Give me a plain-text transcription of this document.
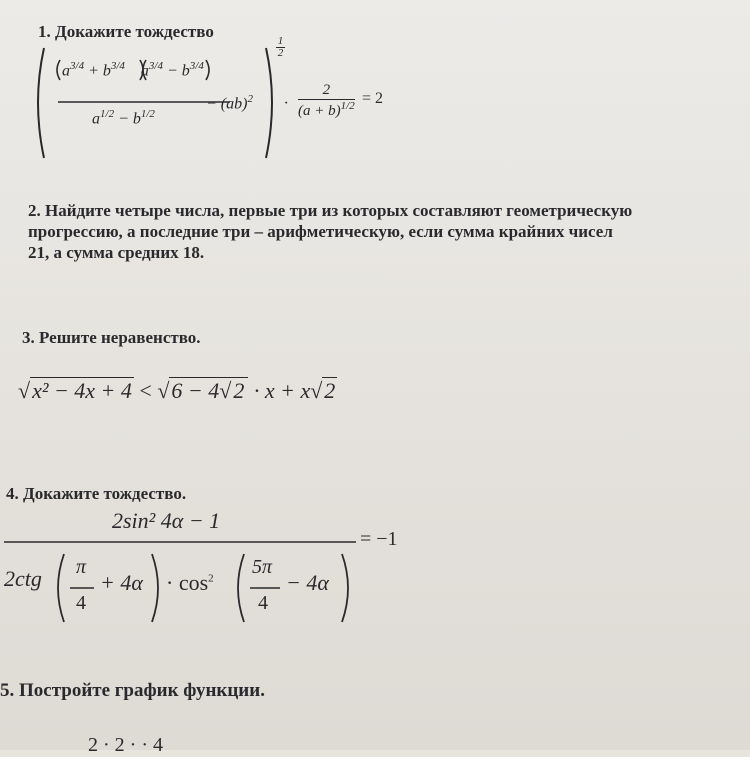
1. Докажите тождество
$a^{3/4} + b^{3/4}$ $a^{3/4} - b^{3/4}$
$a^{1/2} - b^{1/2}$
− (ab)$^2$
1
2
·
2
$(a + b)^{1/2} = 2$
2. Найдите четыре числа, первые три из которых составляют геометрическую
прогрессию, а последние три – арифметическую, если сумма крайних чисел
21, а сумма средних 18.
3. Решите неравенство.
√x² − 4x + 4 < √6 − 4√2 · x + x√2
4. Докажите тождество.
2sin² 4α − 1
= −1
2ctg π
4
+ $4\alpha \cdot \cos^2$
5π
4
− 4α
5. Постройте график функции.
2 · 2 · · 4
